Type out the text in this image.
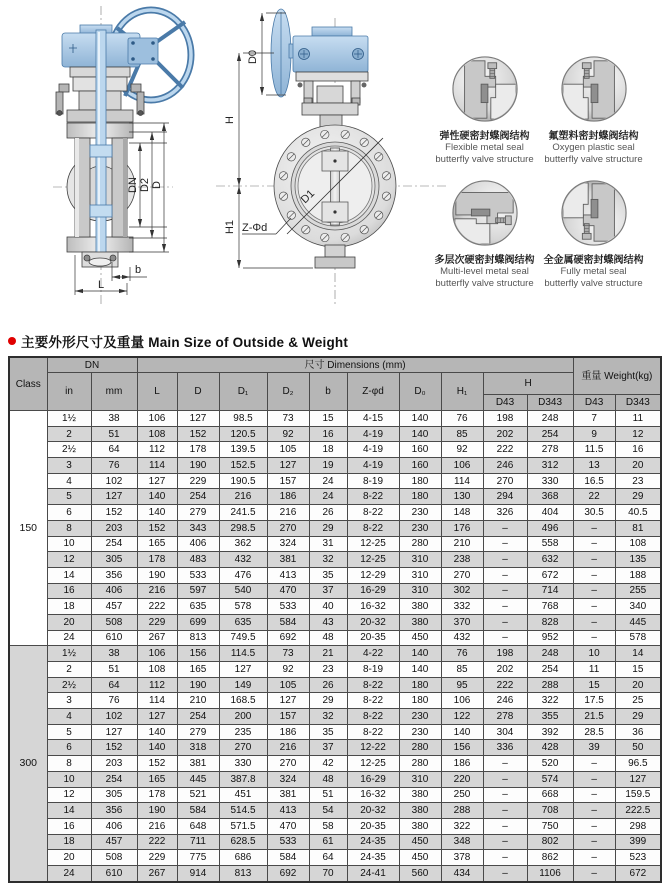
DN D2 D
b
L
D0
H
H1
D1
Z-Φd
弹性硬密封蝶阀结构
Flexible metal seal
butterfly valve structure
氟塑料密封蝶阀结构
Oxygen plastic seal
butterfly valve structure
多层次硬密封蝶阀结构
Multi-level metal seal
butterfly valve structure
全金属硬密封蝶阀结构
Fully metal seal
butterfly valve structure
主要外形尺寸及重量 Main Size of Outside & Weight
Class	DN		尺寸 Dimensions (mm)										重量 Weight(kg)	
	in	mm	L	D	D₁	D₂	b	Z-φd	D₀	H₁	H			
											D43	D343	D43	D343
150	1½	38	106	127	98.5	73	15	4-15	140	76	198	248	7	11
	2	51	108	152	120.5	92	16	4-19	140	85	202	254	9	12
	2½	64	112	178	139.5	105	18	4-19	160	92	222	278	11.5	16
	3	76	114	190	152.5	127	19	4-19	160	106	246	312	13	20
	4	102	127	229	190.5	157	24	8-19	180	114	270	330	16.5	23
	5	127	140	254	216	186	24	8-22	180	130	294	368	22	29
	6	152	140	279	241.5	216	26	8-22	230	148	326	404	30.5	40.5
	8	203	152	343	298.5	270	29	8-22	230	176	–	496	–	81
	10	254	165	406	362	324	31	12-25	280	210	–	558	–	108
	12	305	178	483	432	381	32	12-25	310	238	–	632	–	135
	14	356	190	533	476	413	35	12-29	310	270	–	672	–	188
	16	406	216	597	540	470	37	16-29	310	302	–	714	–	255
	18	457	222	635	578	533	40	16-32	380	332	–	768	–	340
	20	508	229	699	635	584	43	20-32	380	370	–	828	–	445
	24	610	267	813	749.5	692	48	20-35	450	432	–	952	–	578
300	1½	38	106	156	114.5	73	21	4-22	140	76	198	248	10	14
	2	51	108	165	127	92	23	8-19	140	85	202	254	11	15
	2½	64	112	190	149	105	26	8-22	180	95	222	288	15	20
	3	76	114	210	168.5	127	29	8-22	180	106	246	322	17.5	25
	4	102	127	254	200	157	32	8-22	230	122	278	355	21.5	29
	5	127	140	279	235	186	35	8-22	230	140	304	392	28.5	36
	6	152	140	318	270	216	37	12-22	280	156	336	428	39	50
	8	203	152	381	330	270	42	12-25	280	186	–	520	–	96.5
	10	254	165	445	387.8	324	48	16-29	310	220	–	574	–	127
	12	305	178	521	451	381	51	16-32	380	250	–	668	–	159.5
	14	356	190	584	514.5	413	54	20-32	380	288	–	708	–	222.5
	16	406	216	648	571.5	470	58	20-35	380	322	–	750	–	298
	18	457	222	711	628.5	533	61	24-35	450	348	–	802	–	399
	20	508	229	775	686	584	64	24-35	450	378	–	862	–	523
	24	610	267	914	813	692	70	24-41	560	434	–	1106	–	672
